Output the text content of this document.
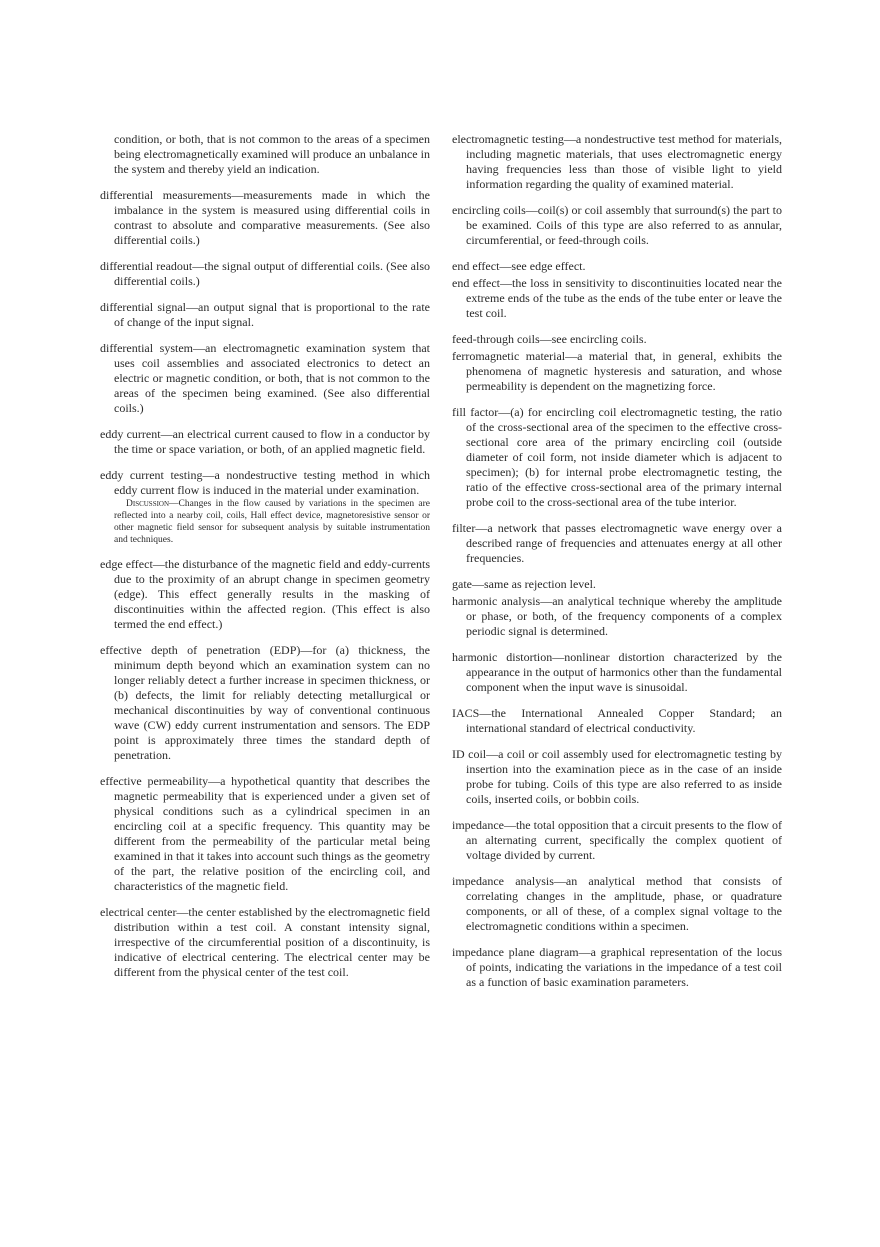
condition, or both, that is not common to the areas of a specimen being electromagnetically examined will produce an unbalance in the system and thereby yield an indication.

differential measurements—measurements made in which the imbalance in the system is measured using differential coils in contrast to absolute and comparative measurements. (See also differential coils.)

differential readout—the signal output of differential coils. (See also differential coils.)

differential signal—an output signal that is proportional to the rate of change of the input signal.

differential system—an electromagnetic examination system that uses coil assemblies and associated electronics to detect an electric or magnetic condition, or both, that is not common to the areas of the specimen being examined. (See also differential coils.)

eddy current—an electrical current caused to flow in a conductor by the time or space variation, or both, of an applied magnetic field.

eddy current testing—a nondestructive testing method in which eddy current flow is induced in the material under examination.

Discussion—Changes in the flow caused by variations in the specimen are reflected into a nearby coil, coils, Hall effect device, magnetoresistive sensor or other magnetic field sensor for subsequent analysis by suitable instrumentation and techniques.

edge effect—the disturbance of the magnetic field and eddy-currents due to the proximity of an abrupt change in specimen geometry (edge). This effect generally results in the masking of discontinuities within the affected region. (This effect is also termed the end effect.)

effective depth of penetration (EDP)—for (a) thickness, the minimum depth beyond which an examination system can no longer reliably detect a further increase in specimen thickness, or (b) defects, the limit for reliably detecting metallurgical or mechanical discontinuities by way of conventional continuous wave (CW) eddy current instrumentation and sensors. The EDP point is approximately three times the standard depth of penetration.

effective permeability—a hypothetical quantity that describes the magnetic permeability that is experienced under a given set of physical conditions such as a cylindrical specimen in an encircling coil at a specific frequency. This quantity may be different from the permeability of the particular metal being examined in that it takes into account such things as the geometry of the part, the relative position of the encircling coil, and characteristics of the magnetic field.

electrical center—the center established by the electromagnetic field distribution within a test coil. A constant intensity signal, irrespective of the circumferential position of a discontinuity, is indicative of electrical centering. The electrical center may be different from the physical center of the test coil.

electromagnetic testing—a nondestructive test method for materials, including magnetic materials, that uses electromagnetic energy having frequencies less than those of visible light to yield information regarding the quality of examined material.

encircling coils—coil(s) or coil assembly that surround(s) the part to be examined. Coils of this type are also referred to as annular, circumferential, or feed-through coils.

end effect—see edge effect.

end effect—the loss in sensitivity to discontinuities located near the extreme ends of the tube as the ends of the tube enter or leave the test coil.

feed-through coils—see encircling coils.

ferromagnetic material—a material that, in general, exhibits the phenomena of magnetic hysteresis and saturation, and whose permeability is dependent on the magnetizing force.

fill factor—(a) for encircling coil electromagnetic testing, the ratio of the cross-sectional area of the specimen to the effective cross-sectional core area of the primary encircling coil (outside diameter of coil form, not inside diameter which is adjacent to specimen); (b) for internal probe electromagnetic testing, the ratio of the effective cross-sectional area of the primary internal probe coil to the cross-sectional area of the tube interior.

filter—a network that passes electromagnetic wave energy over a described range of frequencies and attenuates energy at all other frequencies.

gate—same as rejection level.

harmonic analysis—an analytical technique whereby the amplitude or phase, or both, of the frequency components of a complex periodic signal is determined.

harmonic distortion—nonlinear distortion characterized by the appearance in the output of harmonics other than the fundamental component when the input wave is sinusoidal.

IACS—the International Annealed Copper Standard; an international standard of electrical conductivity.

ID coil—a coil or coil assembly used for electromagnetic testing by insertion into the examination piece as in the case of an inside probe for tubing. Coils of this type are also referred to as inside coils, inserted coils, or bobbin coils.

impedance—the total opposition that a circuit presents to the flow of an alternating current, specifically the complex quotient of voltage divided by current.

impedance analysis—an analytical method that consists of correlating changes in the amplitude, phase, or quadrature components, or all of these, of a complex signal voltage to the electromagnetic conditions within a specimen.

impedance plane diagram—a graphical representation of the locus of points, indicating the variations in the impedance of a test coil as a function of basic examination parameters.
